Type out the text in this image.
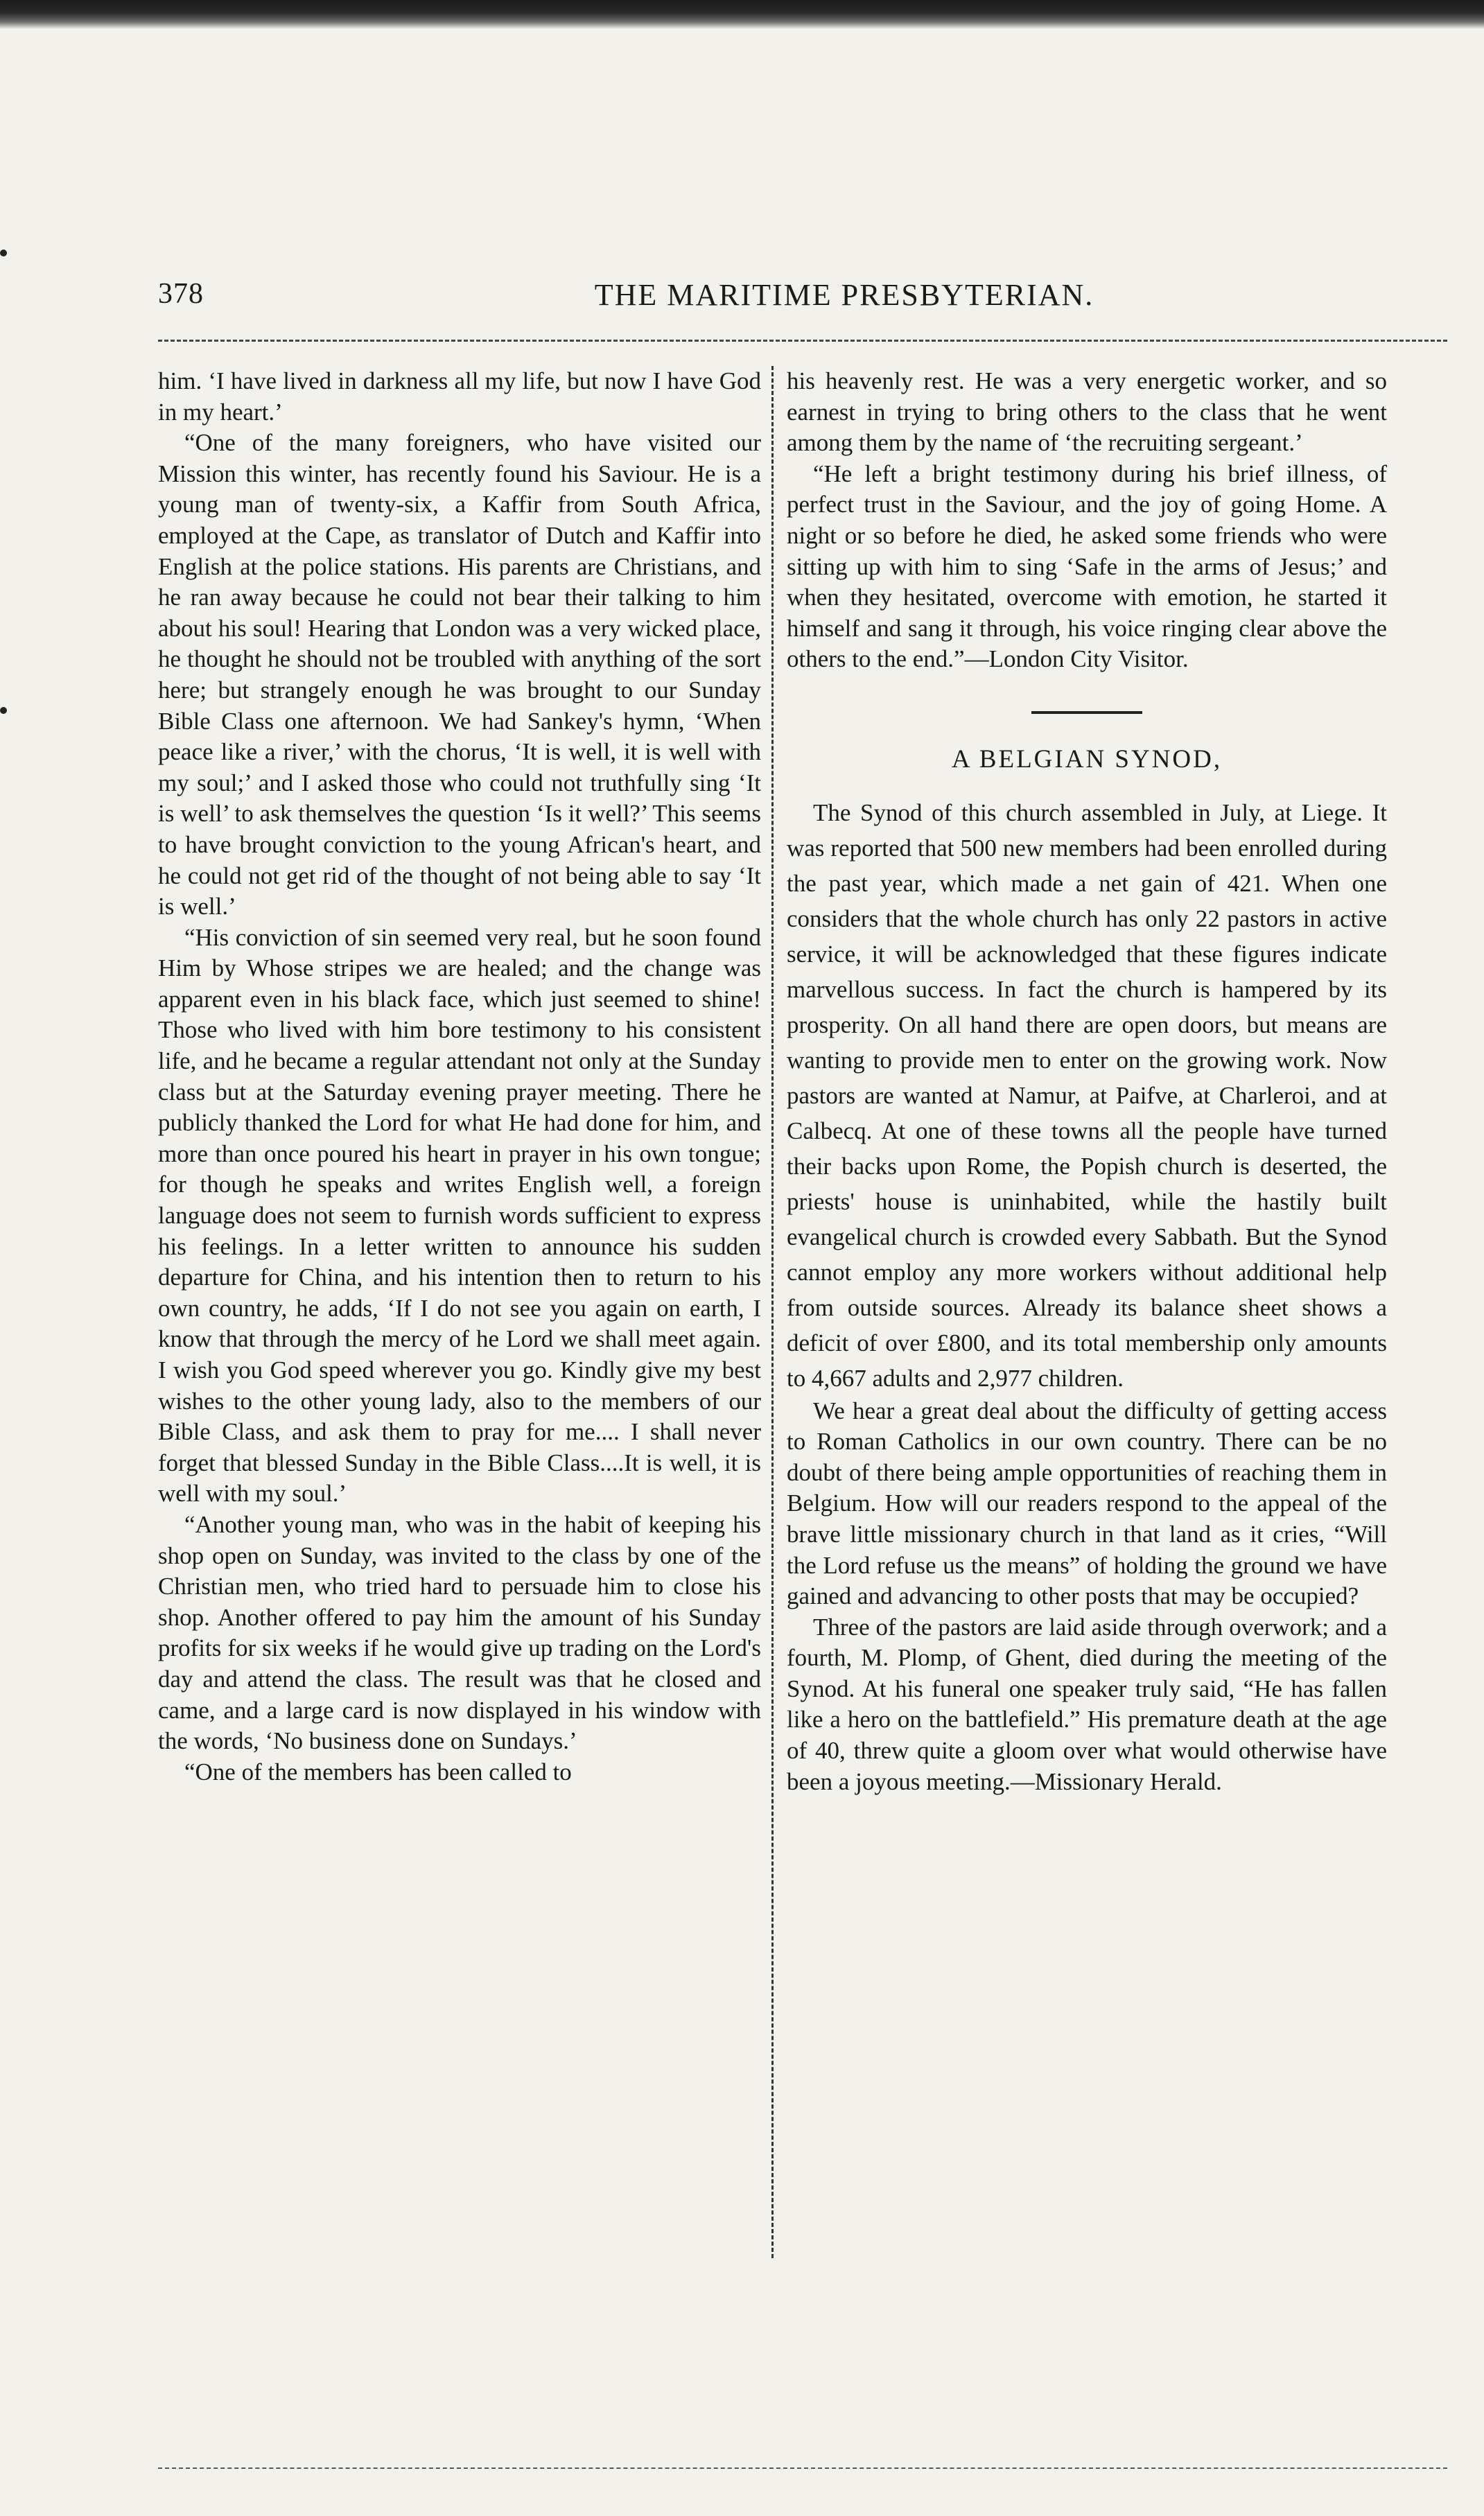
378	THE MARITIME PRESBYTERIAN.

him. ‘I have lived in darkness all my life, but now I have God in my heart.’

“One of the many foreigners, who have visited our Mission this winter, has recently found his Saviour. He is a young man of twenty-six, a Kaffir from South Africa, employed at the Cape, as translator of Dutch and Kaffir into English at the police stations. His parents are Christians, and he ran away because he could not bear their talking to him about his soul! Hearing that London was a very wicked place, he thought he should not be troubled with anything of the sort here; but strangely enough he was brought to our Sunday Bible Class one afternoon. We had Sankey's hymn, ‘When peace like a river,’ with the chorus, ‘It is well, it is well with my soul;’ and I asked those who could not truthfully sing ‘It is well’ to ask themselves the question ‘Is it well?’ This seems to have brought conviction to the young African's heart, and he could not get rid of the thought of not being able to say ‘It is well.’

“His conviction of sin seemed very real, but he soon found Him by Whose stripes we are healed; and the change was apparent even in his black face, which just seemed to shine! Those who lived with him bore testimony to his consistent life, and he became a regular attendant not only at the Sunday class but at the Saturday evening prayer meeting. There he publicly thanked the Lord for what He had done for him, and more than once poured his heart in prayer in his own tongue; for though he speaks and writes English well, a foreign language does not seem to furnish words sufficient to express his feelings. In a letter written to announce his sudden departure for China, and his intention then to return to his own country, he adds, ‘If I do not see you again on earth, I know that through the mercy of he Lord we shall meet again. I wish you God speed wherever you go. Kindly give my best wishes to the other young lady, also to the members of our Bible Class, and ask them to pray for me.... I shall never forget that blessed Sunday in the Bible Class....It is well, it is well with my soul.’

“Another young man, who was in the habit of keeping his shop open on Sunday, was invited to the class by one of the Christian men, who tried hard to persuade him to close his shop. Another offered to pay him the amount of his Sunday profits for six weeks if he would give up trading on the Lord's day and attend the class. The result was that he closed and came, and a large card is now displayed in his window with the words, ‘No business done on Sundays.’

“One of the members has been called to

his heavenly rest. He was a very energetic worker, and so earnest in trying to bring others to the class that he went among them by the name of ‘the recruiting sergeant.’

“He left a bright testimony during his brief illness, of perfect trust in the Saviour, and the joy of going Home. A night or so before he died, he asked some friends who were sitting up with him to sing ‘Safe in the arms of Jesus;’ and when they hesitated, overcome with emotion, he started it himself and sang it through, his voice ringing clear above the others to the end.”—London City Visitor.

A BELGIAN SYNOD,

The Synod of this church assembled in July, at Liege. It was reported that 500 new members had been enrolled during the past year, which made a net gain of 421. When one considers that the whole church has only 22 pastors in active service, it will be acknowledged that these figures indicate marvellous success. In fact the church is hampered by its prosperity. On all hand there are open doors, but means are wanting to provide men to enter on the growing work. Now pastors are wanted at Namur, at Paifve, at Charleroi, and at Calbecq. At one of these towns all the people have turned their backs upon Rome, the Popish church is deserted, the priests' house is uninhabited, while the hastily built evangelical church is crowded every Sabbath. But the Synod cannot employ any more workers without additional help from outside sources. Already its balance sheet shows a deficit of over £800, and its total membership only amounts to 4,667 adults and 2,977 children.

We hear a great deal about the difficulty of getting access to Roman Catholics in our own country. There can be no doubt of there being ample opportunities of reaching them in Belgium. How will our readers respond to the appeal of the brave little missionary church in that land as it cries, “Will the Lord refuse us the means” of holding the ground we have gained and advancing to other posts that may be occupied?

Three of the pastors are laid aside through overwork; and a fourth, M. Plomp, of Ghent, died during the meeting of the Synod. At his funeral one speaker truly said, “He has fallen like a hero on the battlefield.” His premature death at the age of 40, threw quite a gloom over what would otherwise have been a joyous meeting.—Missionary Herald.
